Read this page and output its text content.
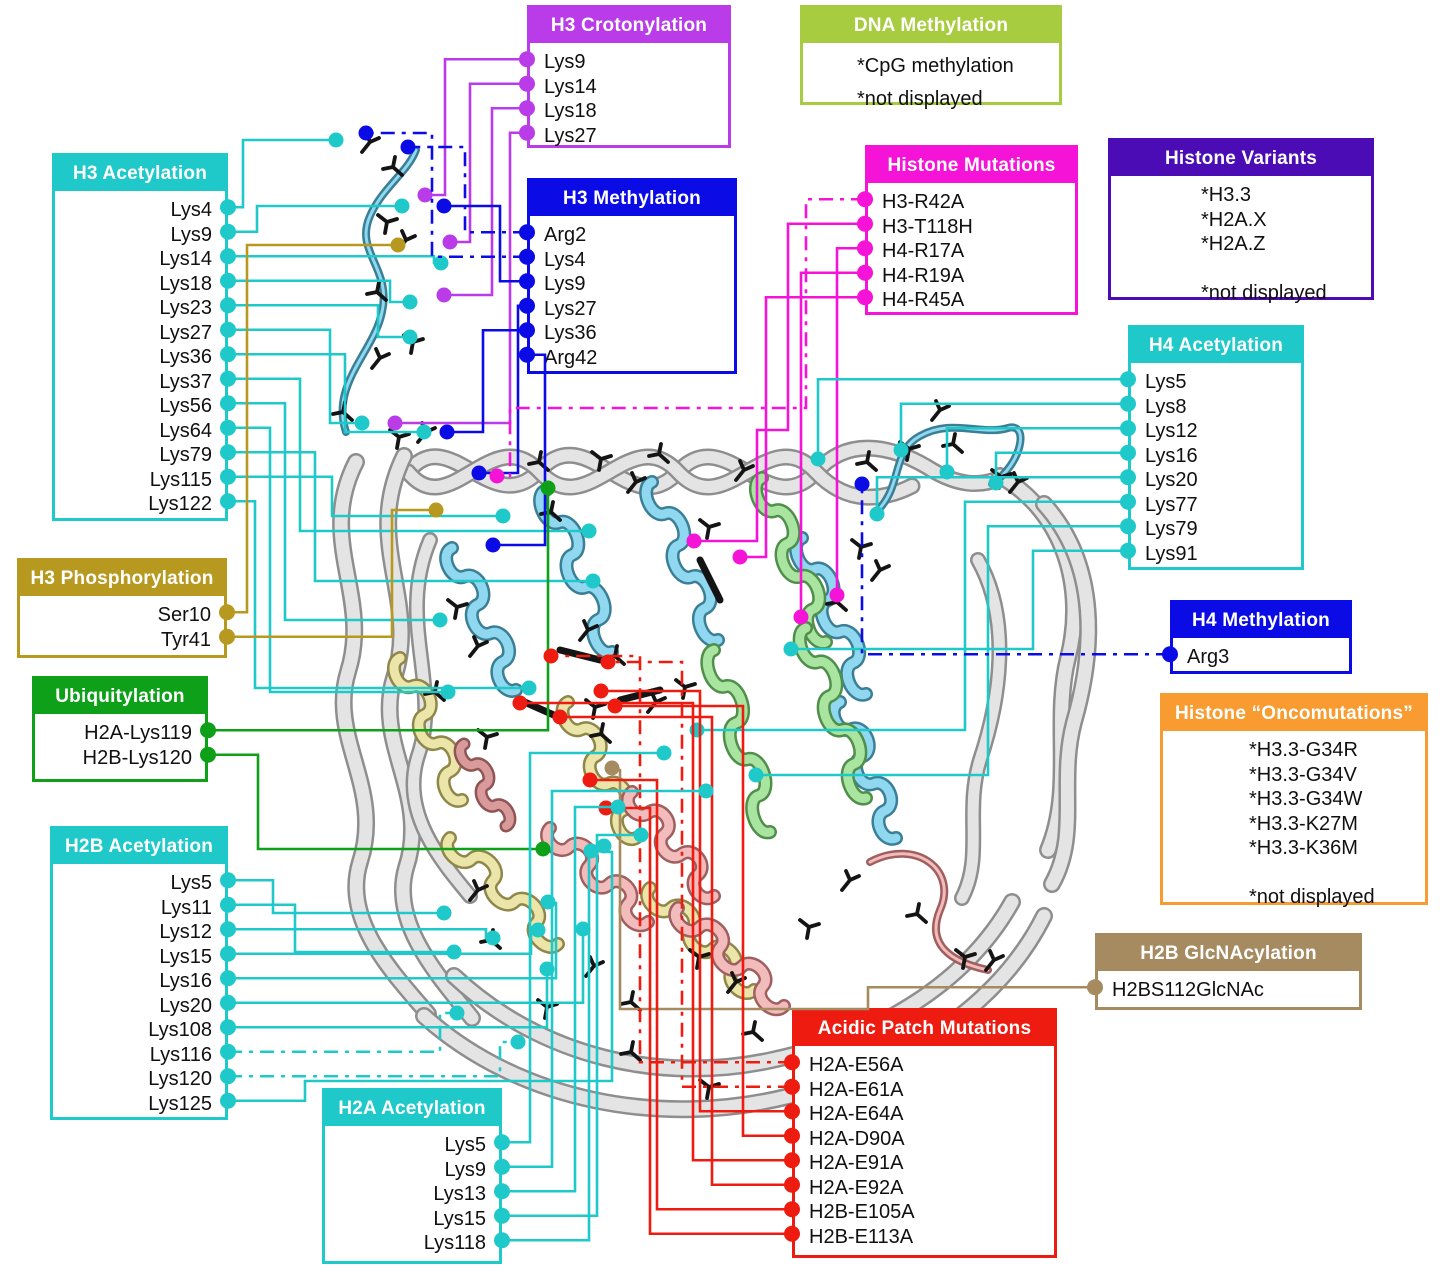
H3 Acetylation
Lys4
Lys9
Lys14
Lys18
Lys23
Lys27
Lys36
Lys37
Lys56
Lys64
Lys79
Lys115
Lys122
H3 Crotonylation
Lys9
Lys14
Lys18
Lys27
DNA Methylation
*CpG methylation
*not displayed
H3 Methylation
Arg2
Lys4
Lys9
Lys27
Lys36
Arg42
Histone Mutations
H3-R42A
H3-T118H
H4-R17A
H4-R19A
H4-R45A
Histone Variants
*H3.3
*H2A.X
*H2A.Z

*not displayed
H4 Acetylation
Lys5
Lys8
Lys12
Lys16
Lys20
Lys77
Lys79
Lys91
H3 Phosphorylation
Ser10
Tyr41
Ubiquitylation
H2A-Lys119
H2B-Lys120
H4 Methylation
Arg3
Histone “Oncomutations”
*H3.3-G34R
*H3.3-G34V
*H3.3-G34W
*H3.3-K27M
*H3.3-K36M

*not displayed
H2B Acetylation
Lys5
Lys11
Lys12
Lys15
Lys16
Lys20
Lys108
Lys116
Lys120
Lys125
H2B GlcNAcylation
H2BS112GlcNAc
Acidic Patch Mutations
H2A-E56A
H2A-E61A
H2A-E64A
H2A-D90A
H2A-E91A
H2A-E92A
H2B-E105A
H2B-E113A
H2A Acetylation
Lys5
Lys9
Lys13
Lys15
Lys118
